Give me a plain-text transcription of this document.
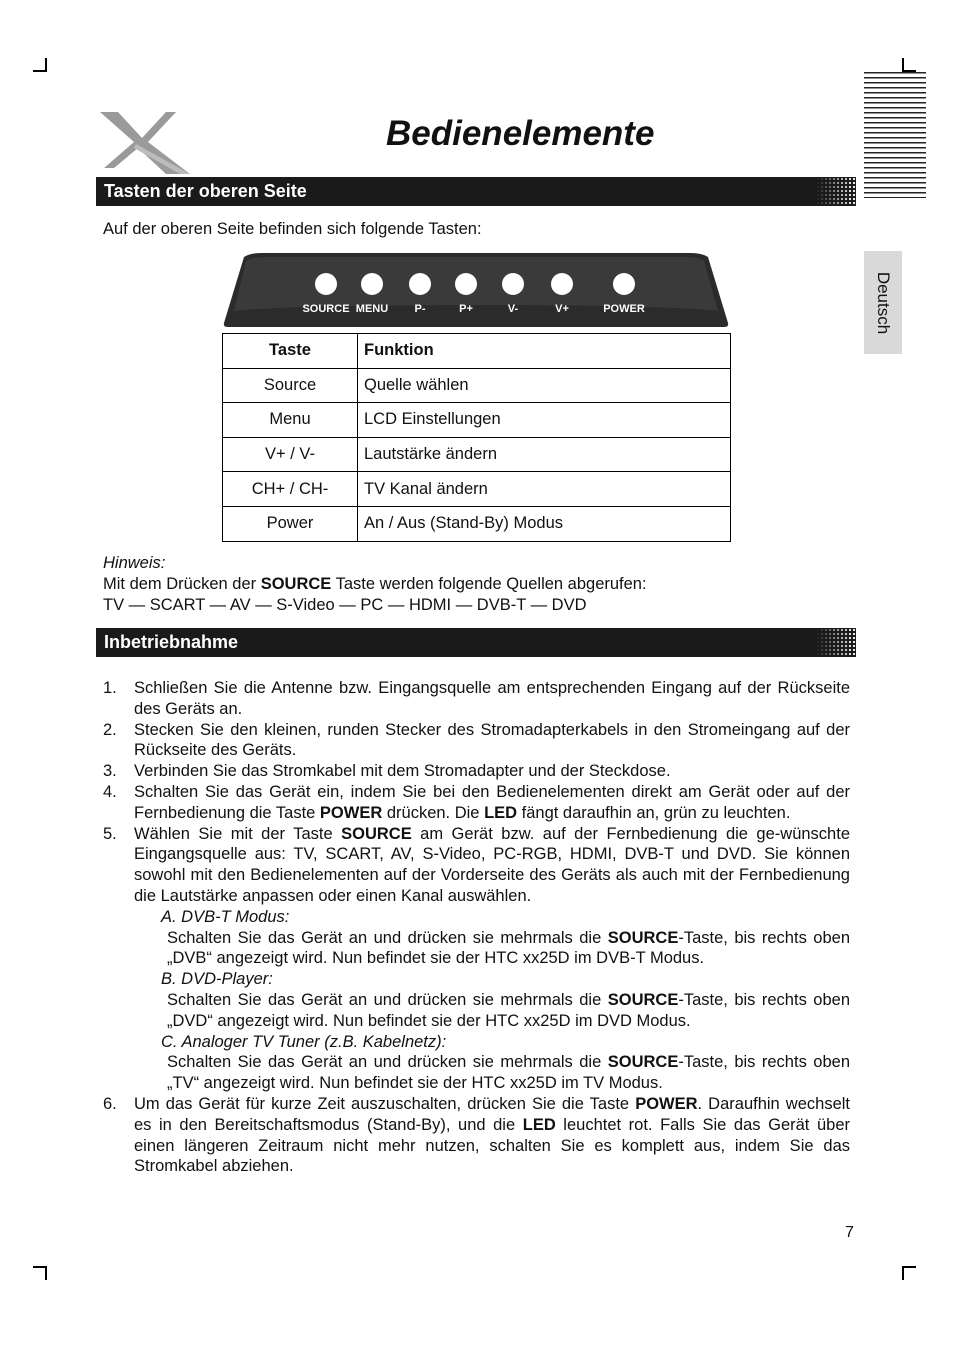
Bedienelemente
Deutsch
Tasten der oberen Seite
Auf der oberen Seite befinden sich folgende Tasten:
SOURCE MENU P-	P+	V-	V+	POWER
Taste	Funktion
Source	Quelle wählen
Menu	LCD Einstellungen
V+ / V-	Lautstärke ändern
CH+ / CH-	TV Kanal ändern
Power	An / Aus (Stand-By) Modus
Hinweis:
Mit dem Drücken der SOURCE Taste werden folgende Quellen abgerufen:
TV — SCART — AV — S-Video — PC — HDMI — DVB-T — DVD
Inbetriebnahme
1. Schließen Sie die Antenne bzw. Eingangsquelle am entsprechenden Eingang auf der Rückseite des Geräts an.
2. Stecken Sie den kleinen, runden Stecker des Stromadapterkabels in den Stromeingang auf der Rückseite des Geräts.
3. Verbinden Sie das Stromkabel mit dem Stromadapter und der Steckdose.
4. Schalten Sie das Gerät ein, indem Sie bei den Bedienelementen direkt am Gerät oder auf der Fernbedienung die Taste POWER drücken. Die LED fängt daraufhin an, grün zu leuchten.
5. Wählen Sie mit der Taste SOURCE am Gerät bzw. auf der Fernbedienung die ge-wünschte Eingangsquelle aus: TV, SCART, AV, S-Video, PC-RGB, HDMI, DVB-T und DVD. Sie können sowohl mit den Bedienelementen auf der Vorderseite des Geräts als auch mit der Fernbedienung die Lautstärke anpassen oder einen Kanal auswählen.
A. DVB-T Modus:
Schalten Sie das Gerät an und drücken sie mehrmals die SOURCE-Taste, bis rechts oben „DVB“ angezeigt wird. Nun befindet sie der HTC xx25D im DVB-T Modus.
B. DVD-Player:
Schalten Sie das Gerät an und drücken sie mehrmals die SOURCE-Taste, bis rechts oben „DVD“ angezeigt wird. Nun befindet sie der HTC xx25D im DVD Modus.
C. Analoger TV Tuner (z.B. Kabelnetz):
Schalten Sie das Gerät an und drücken sie mehrmals die SOURCE-Taste, bis rechts oben „TV“ angezeigt wird. Nun befindet sie der HTC xx25D im TV Modus.
6. Um das Gerät für kurze Zeit auszuschalten, drücken Sie die Taste POWER. Daraufhin wechselt es in den Bereitschaftsmodus (Stand-By), und die LED leuchtet rot. Falls Sie das Gerät über einen längeren Zeitraum nicht mehr nutzen, schalten Sie es komplett aus, indem Sie das Stromkabel abziehen.
7
